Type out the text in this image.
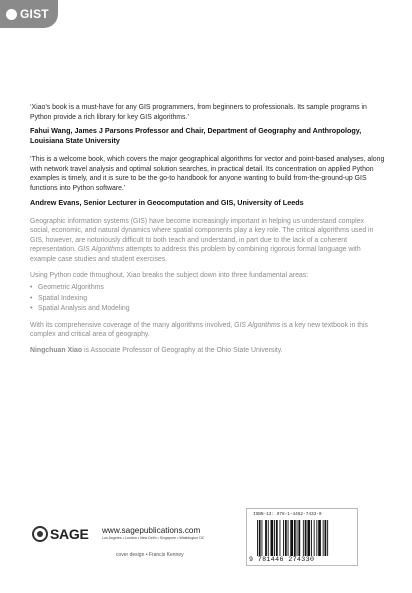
GIST

‘Xiao’s book is a must-have for any GIS programmers, from beginners to professionals. Its sample programs in Python provide a rich library for key GIS algorithms.’

Fahui Wang, James J Parsons Professor and Chair, Department of Geography and Anthropology, Louisiana State University

‘This is a welcome book, which covers the major geographical algorithms for vector and point-based analyses, along with network travel analysis and optimal solution searches, in practical detail. Its concentration on applied Python examples is timely, and it is sure to be the go-to handbook for anyone wanting to build from-the-ground-up GIS functions into Python software.’

Andrew Evans, Senior Lecturer in Geocomputation and GIS, University of Leeds

Geographic information systems (GIS) have become increasingly important in helping us understand complex social, economic, and natural dynamics where spatial components play a key role. The critical algorithms used in GIS, however, are notoriously difficult to both teach and understand, in part due to the lack of a coherent representation. GIS Algorithms attempts to address this problem by combining rigorous formal language with example case studies and student exercises.

Using Python code throughout, Xiao breaks the subject down into three fundamental areas:

• Geometric Algorithms
• Spatial Indexing
• Spatial Analysis and Modeling

With its comprehensive coverage of the many algorithms involved, GIS Algorithms is a key new textbook in this complex and critical area of geography.

Ningchuan Xiao is Associate Professor of Geography at the Ohio State University.

SAGE www.sagepublications.com
Los Angeles • London • New Delhi • Singapore • Washington DC
cover design • Francis Kenney
ISBN-13: 978-1-4462-7433-0
9 781446 274330
